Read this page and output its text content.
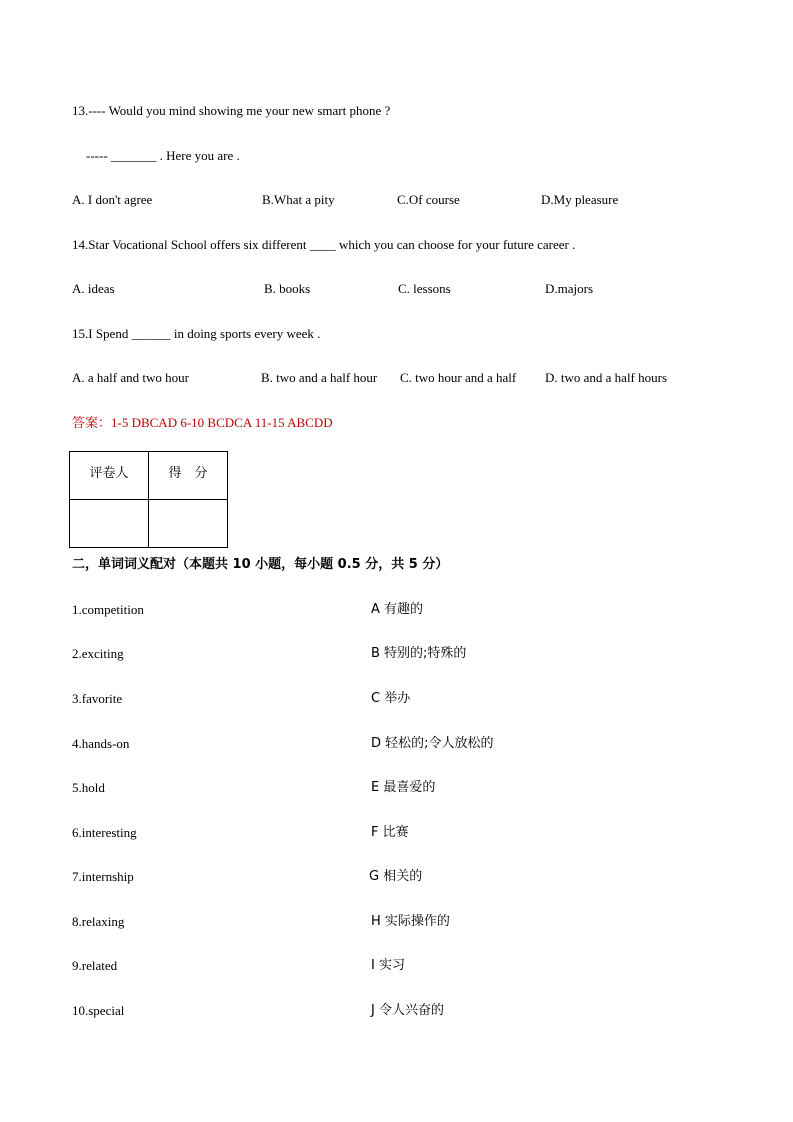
13.---- Would you mind showing me your new smart phone ?
----- _______ . Here you are .
A. I don't agree	B.What a pity	C.Of course	D.My pleasure
14.Star Vocational School offers six different ____ which you can choose for your future career .
A. ideas	B. books	C. lessons	D.majors
15.I Spend ______ in doing sports every week .
A. a half and two hour	B. two and a half hour C. two hour and a half D. two and a half hours
答案：1-5 DBCAD 6-10 BCDCA 11-15 ABCDD
评卷人	得　分

二，单词词义配对（本题共 10 小题，每小题 0.5 分，共 5 分）
1.competition	A 有趣的
2.exciting	B 特别的;特殊的
3.favorite	C 举办
4.hands-on	D 轻松的;令人放松的
5.hold	E 最喜爱的
6.interesting	F 比赛
7.internship	G 相关的
8.relaxing	H 实际操作的
9.related	I 实习
10.special	J 令人兴奋的
